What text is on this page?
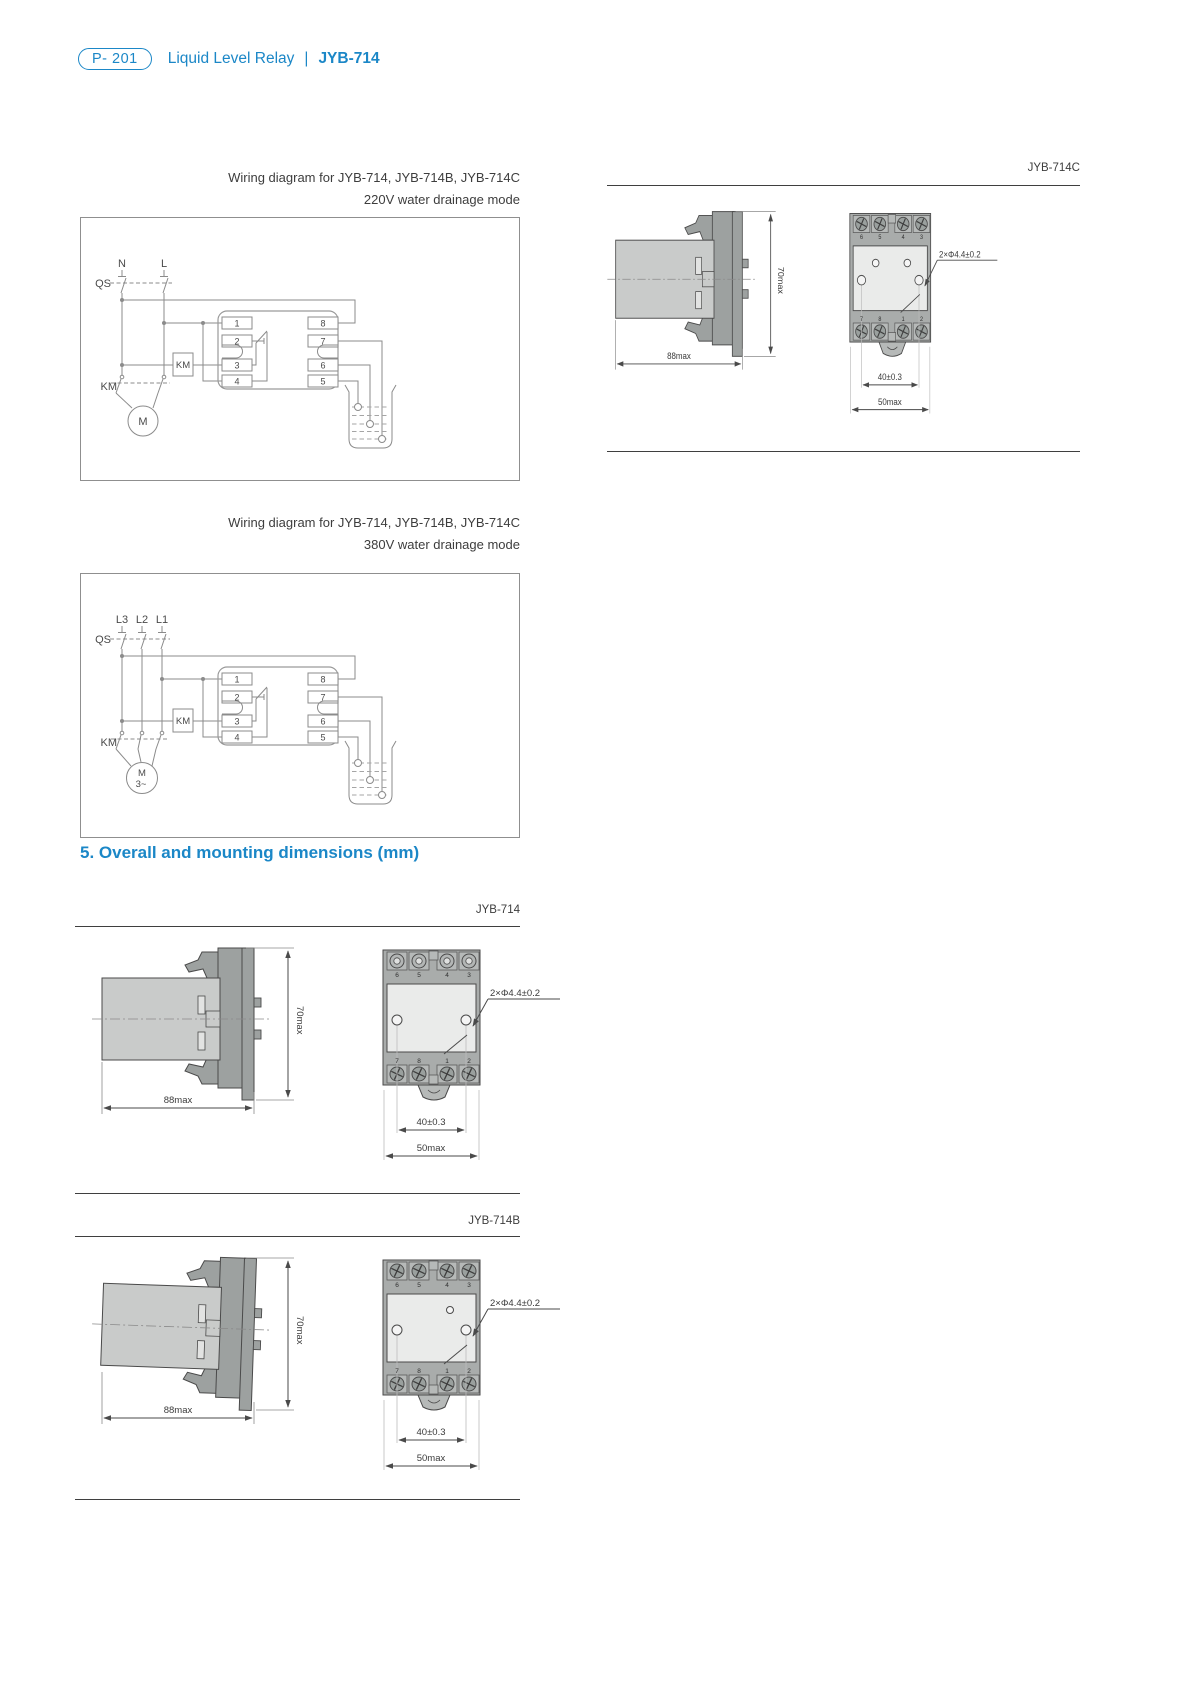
P- 201	Liquid Level Relay | JYB-714
Wiring diagram for JYB-714, JYB-714B, JYB-714C
220V water drainage mode
N	L
QS
KM
1
2
3
4
8
7
6
5
KM
M
JYB-714C
70max
88max
6 5	4 3
7 8	1 2
40±0.3
50max
2×Φ4.4±0.2
Wiring diagram for JYB-714, JYB-714B, JYB-714C
380V water drainage mode
L3 L2 L1
QS
KM
1
2
3
4
8
7
6
5
KM
M
3~
5. Overall and mounting dimensions (mm)
JYB-714
70max
88max
6	5	4	3
7	8	1	2
40±0.3
50max
2×Φ4.4±0.2
JYB-714B
70max
88max
6	5	4	3
7	8	1	2
40±0.3
50max
2×Φ4.4±0.2
